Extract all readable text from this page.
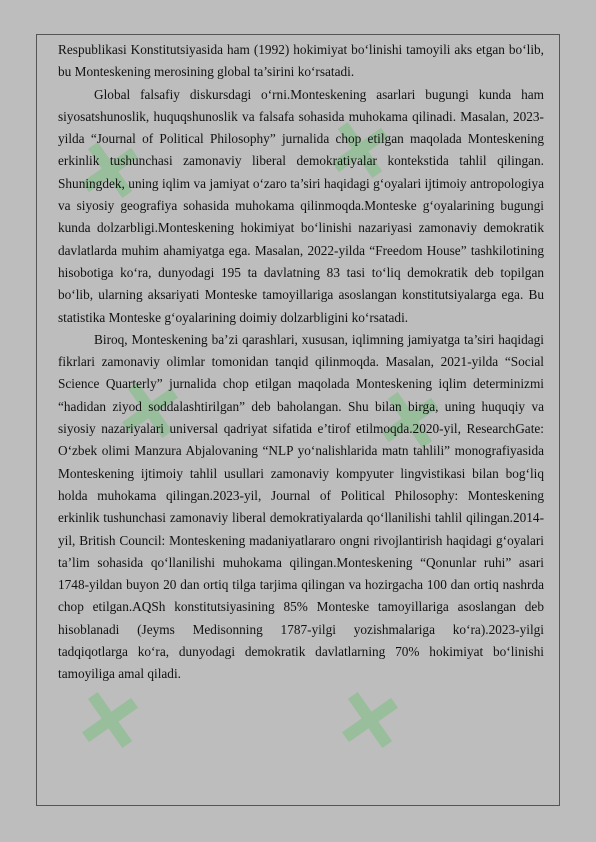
Respublikasi Konstitutsiyasida ham (1992) hokimiyat bo‘linishi tamoyili aks etgan bo‘lib, bu Monteskening merosining global ta’sirini ko‘rsatadi.

Global falsafiy diskursdagi o‘rni.Monteskening asarlari bugungi kunda ham siyosatshunoslik, huquqshunoslik va falsafa sohasida muhokama qilinadi. Masalan, 2023-yilda “Journal of Political Philosophy” jurnalida chop etilgan maqolada Monteskening erkinlik tushunchasi zamonaviy liberal demokratiyalar kontekstida tahlil qilingan. Shuningdek, uning iqlim va jamiyat o‘zaro ta’siri haqidagi g‘oyalari ijtimoiy antropologiya va siyosiy geografiya sohasida muhokama qilinmoqda.Monteske g‘oyalarining bugungi kunda dolzarbligi.Monteskening hokimiyat bo‘linishi nazariyasi zamonaviy demokratik davlatlarda muhim ahamiyatga ega. Masalan, 2022-yilda “Freedom House” tashkilotining hisobotiga ko‘ra, dunyodagi 195 ta davlatning 83 tasi to‘liq demokratik deb topilgan bo‘lib, ularning aksariyati Monteske tamoyillariga asoslangan konstitutsiyalarga ega. Bu statistika Monteske g‘oyalarining doimiy dolzarbligini ko‘rsatadi.

Biroq, Monteskening ba’zi qarashlari, xususan, iqlimning jamiyatga ta’siri haqidagi fikrlari zamonaviy olimlar tomonidan tanqid qilinmoqda. Masalan, 2021-yilda “Social Science Quarterly” jurnalida chop etilgan maqolada Monteskening iqlim determinizmi “hadidan ziyod soddalashtirilgan” deb baholangan. Shu bilan birga, uning huquqiy va siyosiy nazariyalari universal qadriyat sifatida e’tirof etilmoqda.2020-yil, ResearchGate: O‘zbek olimi Manzura Abjalovaning “NLP yo‘nalishlarida matn tahlili” monografiyasida Monteskening ijtimoiy tahlil usullari zamonaviy kompyuter lingvistikasi bilan bog‘liq holda muhokama qilingan.2023-yil, Journal of Political Philosophy: Monteskening erkinlik tushunchasi zamonaviy liberal demokratiyalarda qo‘llanilishi tahlil qilingan.2014-yil, British Council: Monteskening madaniyatlararo ongni rivojlantirish haqidagi g‘oyalari ta’lim sohasida qo‘llanilishi muhokama qilingan.Monteskening “Qonunlar ruhi” asari 1748-yildan buyon 20 dan ortiq tilga tarjima qilingan va hozirgacha 100 dan ortiq nashrda chop etilgan.AQSh konstitutsiyasining 85% Monteske tamoyillariga asoslangan deb hisoblanadi (Jeyms Medisonning 1787-yilgi yozishmalariga ko‘ra).2023-yilgi tadqiqotlarga ko‘ra, dunyodagi demokratik davlatlarning 70% hokimiyat bo‘linishi tamoyiliga amal qiladi.
